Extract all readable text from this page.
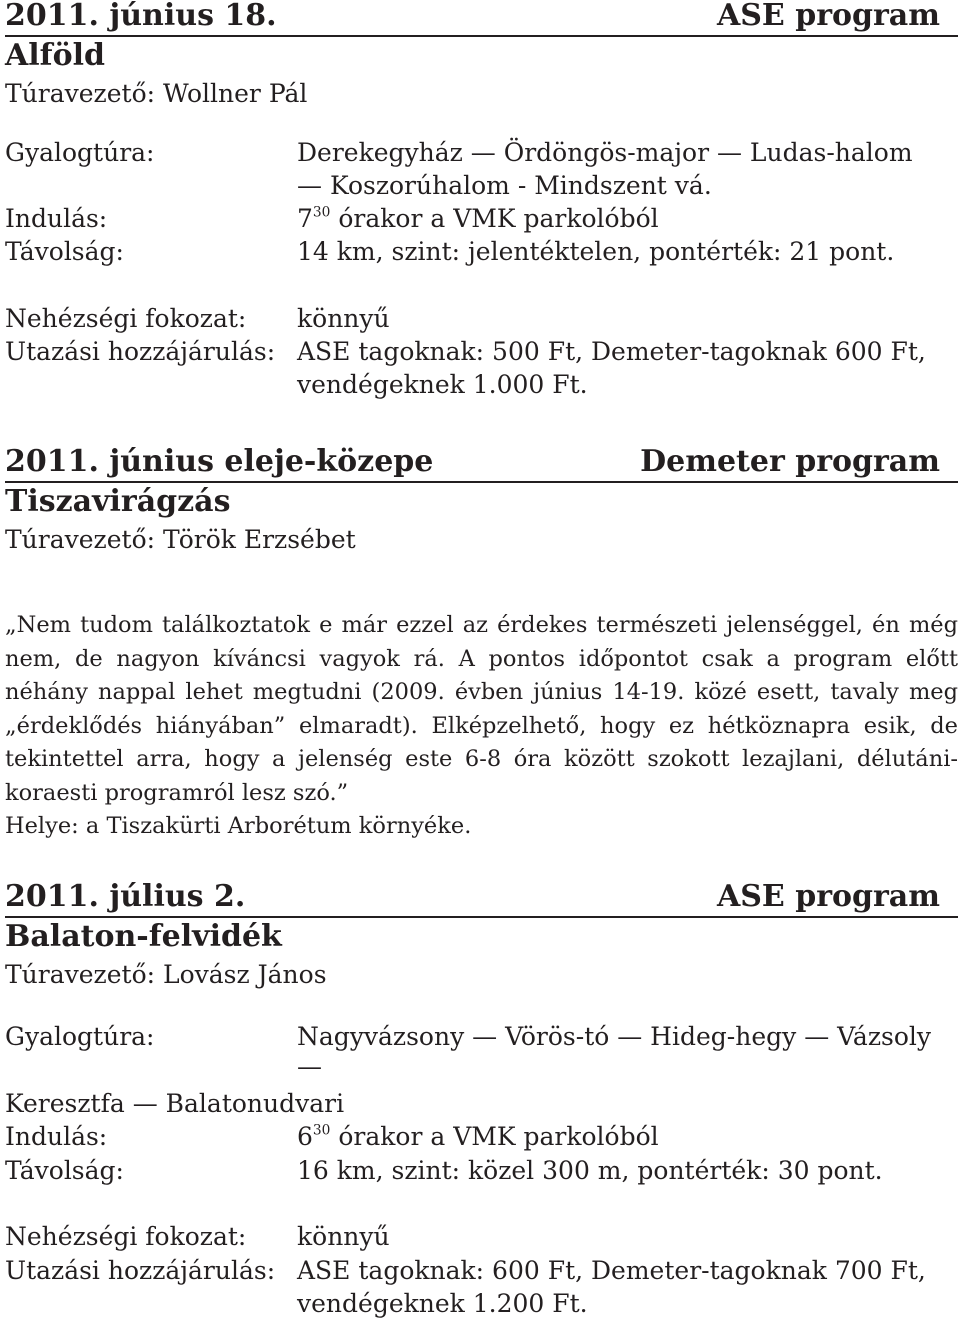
2011. június 18.	ASE program
Alföld
Túravezető: Wollner Pál
Gyalogtúra:	Derekegyház — Ördöngös-major — Ludas-halom
— Koszorúhalom - Mindszent vá.
Indulás:	$7^{30}$ órakor a VMK parkolóból
Távolság:	14 km, szint: jelentéktelen, pontérték: 21 pont.
Nehézségi fokozat: könnyű
Utazási hozzájárulás: ASE tagoknak: 500 Ft, Demeter-tagoknak 600 Ft,
vendégeknek 1.000 Ft.
2011. június eleje-közepe	Demeter program
Tiszavirágzás
Túravezető: Török Erzsébet

„Nem tudom találkoztatok e már ezzel az érdekes természeti jelenséggel, én még nem, de nagyon kíváncsi vagyok rá. A pontos időpontot csak a program előtt néhány nappal lehet megtudni (2009. évben június 14-19. közé esett, tavaly meg „érdeklődés hiányában” elmaradt). Elképzelhető, hogy ez hétköznapra esik, de tekintettel arra, hogy a jelenség este 6-8 óra között szokott lezajlani, délutáni-koraesti programról lesz szó.”

Helye: a Tiszakürti Arborétum környéke.

2011. július 2.	ASE program
Balaton-felvidék
Túravezető: Lovász János
Gyalogtúra:	Nagyvázsony — Vörös-tó — Hideg-hegy — Vázsoly
—
Keresztfa — Balatonudvari
Indulás:	$6^{30}$ órakor a VMK parkolóból
Távolság:	16 km, szint: közel 300 m, pontérték: 30 pont.
Nehézségi fokozat: könnyű
Utazási hozzájárulás: ASE tagoknak: 600 Ft, Demeter-tagoknak 700 Ft,
vendégeknek 1.200 Ft.
